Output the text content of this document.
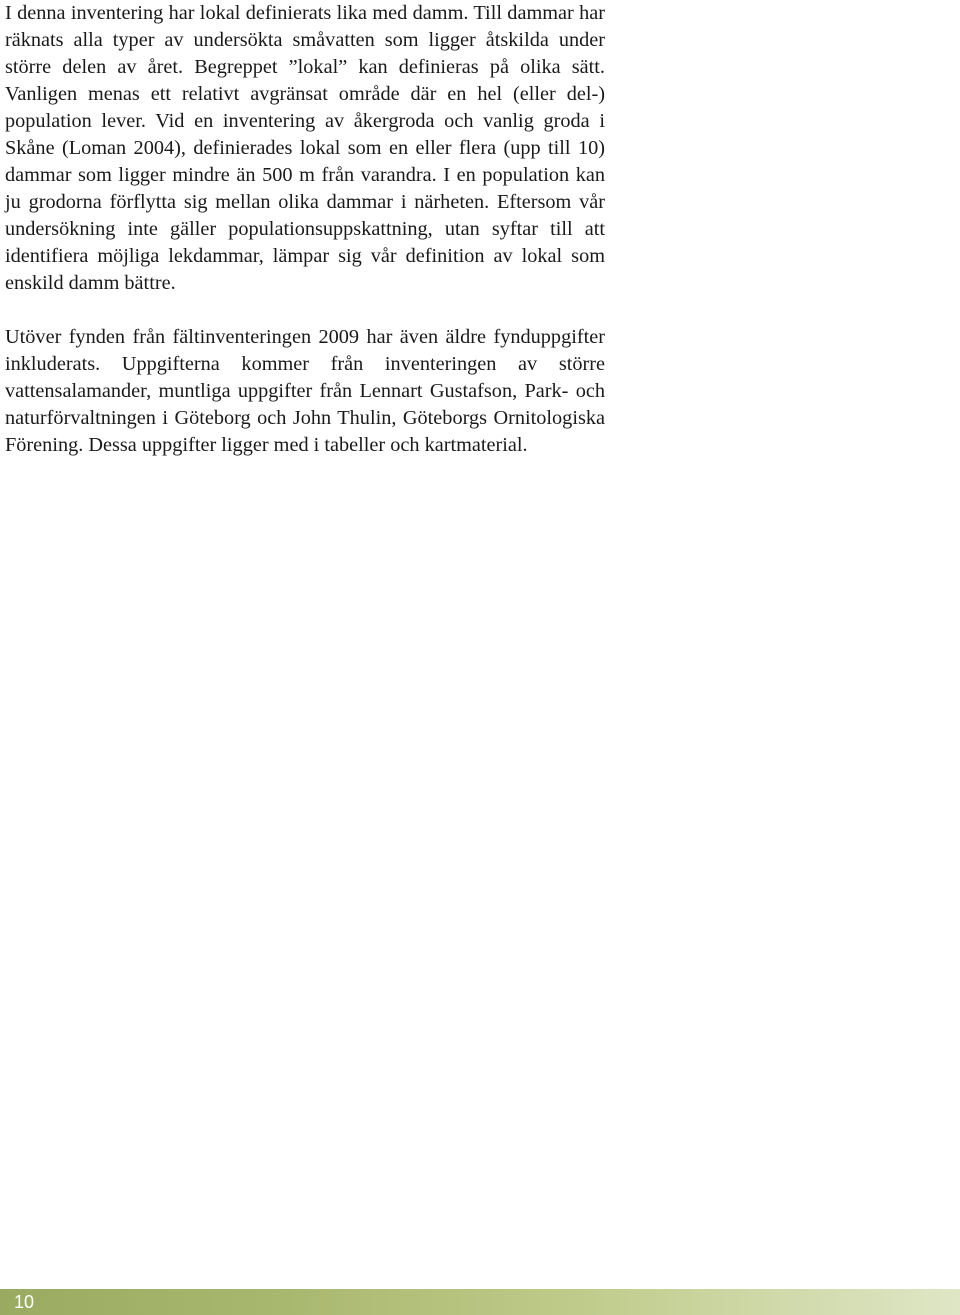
I denna inventering har lokal definierats lika med damm. Till dammar har räknats alla typer av undersökta småvatten som ligger åtskilda under större delen av året. Begreppet ”lokal” kan definieras på olika sätt. Vanligen menas ett relativt avgränsat område där en hel (eller del-) population lever. Vid en inventering av åkergroda och vanlig groda i Skåne (Loman 2004), definierades lokal som en eller flera (upp till 10) dammar som ligger mindre än 500 m från varandra. I en population kan ju grodorna förflytta sig mellan olika dammar i närheten. Eftersom vår undersökning inte gäller populationsuppskattning, utan syftar till att identifiera möjliga lekdammar, lämpar sig vår definition av lokal som enskild damm bättre.

Utöver fynden från fältinventeringen 2009 har även äldre fynduppgifter inkluderats. Uppgifterna kommer från inventeringen av större vattensalamander, muntliga uppgifter från Lennart Gustafson, Park- och naturförvaltningen i Göteborg och John Thulin, Göteborgs Ornitologiska Förening. Dessa uppgifter ligger med i tabeller och kartmaterial.

10
